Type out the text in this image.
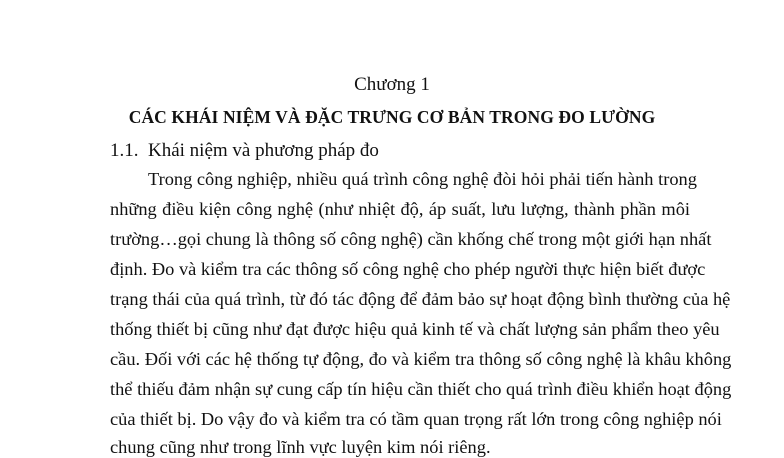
Chương 1
CÁC KHÁI NIỆM VÀ ĐẶC TRƯNG CƠ BẢN TRONG ĐO LƯỜNG
1.1. Khái niệm và phương pháp đo
Trong công nghiệp, nhiều quá trình công nghệ đòi hỏi phải tiến hành trong
những điều kiện công nghệ (như nhiệt độ, áp suất, lưu lượng, thành phần môi
trường…gọi chung là thông số công nghệ) cần khống chế trong một giới hạn nhất
định. Đo và kiểm tra các thông số công nghệ cho phép người thực hiện biết được
trạng thái của quá trình, từ đó tác động để đảm bảo sự hoạt động bình thường của hệ
thống thiết bị cũng như đạt được hiệu quả kinh tế và chất lượng sản phẩm theo yêu
cầu. Đối với các hệ thống tự động, đo và kiểm tra thông số công nghệ là khâu không
thể thiếu đảm nhận sự cung cấp tín hiệu cần thiết cho quá trình điều khiển hoạt động
của thiết bị. Do vậy đo và kiểm tra có tầm quan trọng rất lớn trong công nghiệp nói
chung cũng như trong lĩnh vực luyện kim nói riêng.
